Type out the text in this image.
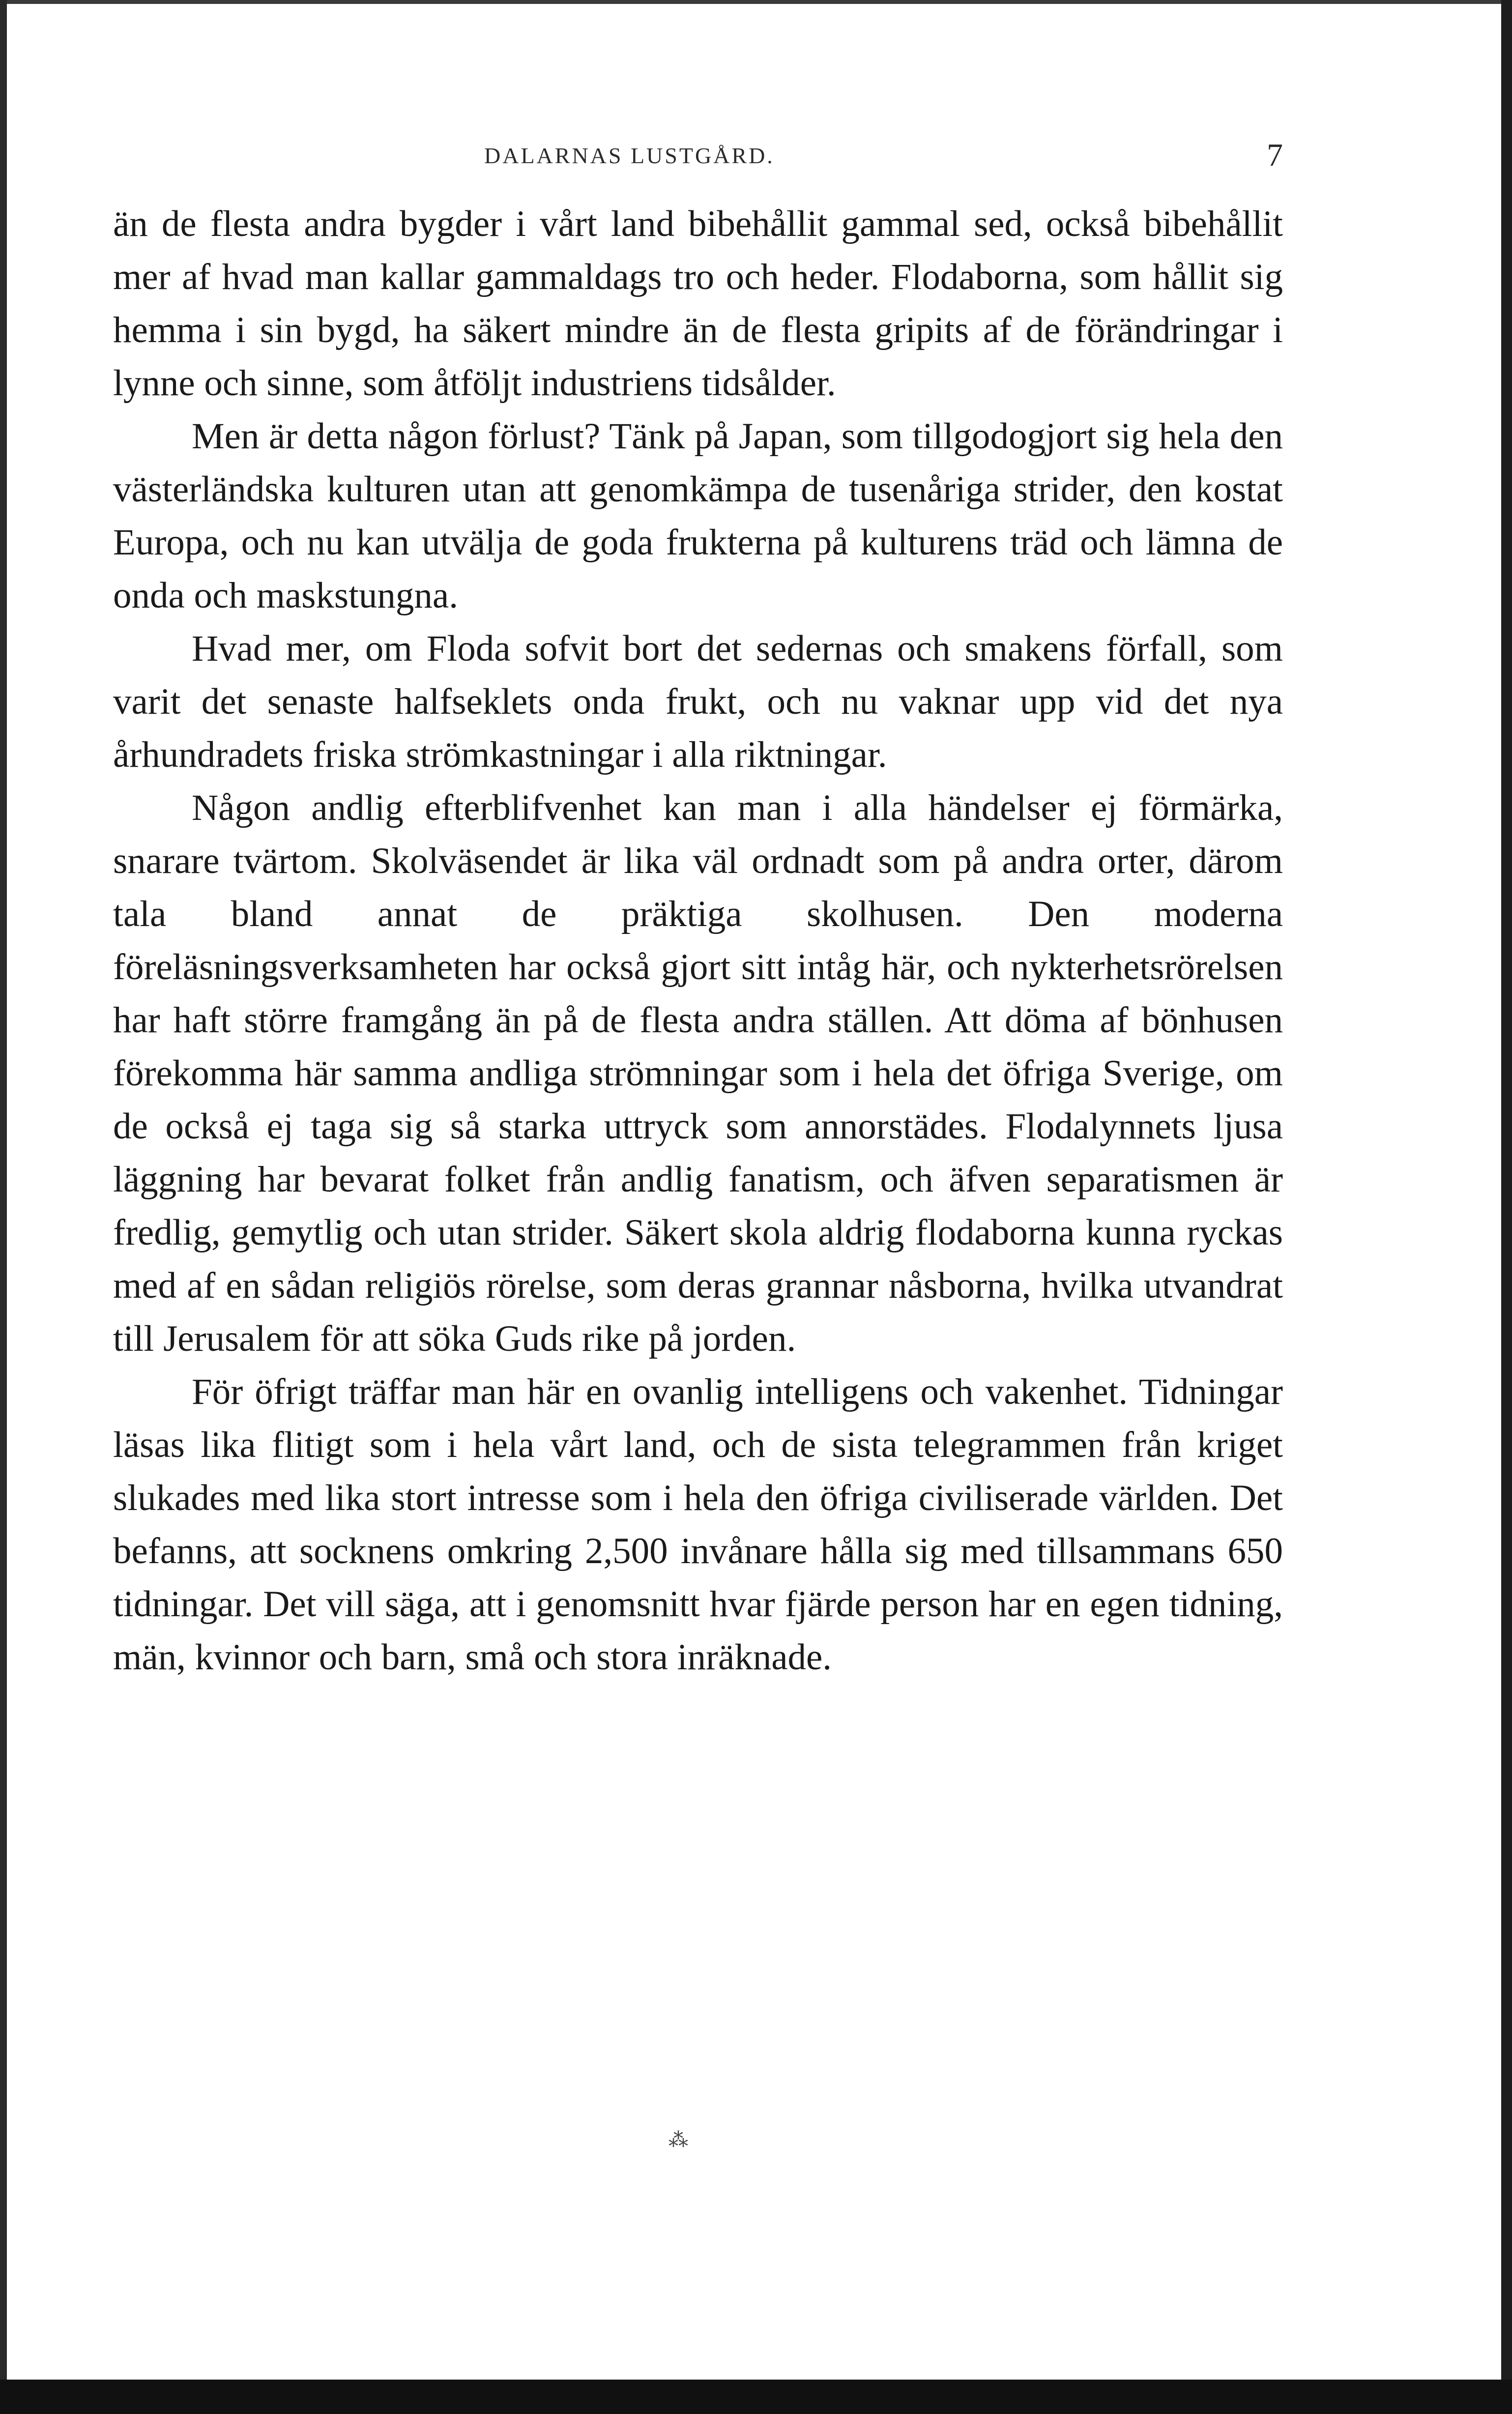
DALARNAS LUSTGÅRD.	7

än de flesta andra bygder i vårt land bibehållit gammal sed, också bibehållit mer af hvad man kallar gammaldags tro och heder. Flodaborna, som hållit sig hemma i sin bygd, ha säkert mindre än de flesta gripits af de förändringar i lynne och sinne, som åtföljt industriens tidsålder.

Men är detta någon förlust? Tänk på Japan, som tillgodogjort sig hela den västerländska kulturen utan att genomkämpa de tusenåriga strider, den kostat Europa, och nu kan utvälja de goda frukterna på kulturens träd och lämna de onda och maskstungna.

Hvad mer, om Floda sofvit bort det sedernas och smakens förfall, som varit det senaste halfseklets onda frukt, och nu vaknar upp vid det nya århundradets friska strömkastningar i alla riktningar.

Någon andlig efterblifvenhet kan man i alla händelser ej förmärka, snarare tvärtom. Skolväsendet är lika väl ordnadt som på andra orter, därom tala bland annat de präktiga skolhusen. Den moderna föreläsningsverksamheten har också gjort sitt intåg här, och nykterhetsrörelsen har haft större framgång än på de flesta andra ställen. Att döma af bönhusen förekomma här samma andliga strömningar som i hela det öfriga Sverige, om de också ej taga sig så starka uttryck som annorstädes. Flodalynnets ljusa läggning har bevarat folket från andlig fanatism, och äfven separatismen är fredlig, gemytlig och utan strider. Säkert skola aldrig flodaborna kunna ryckas med af en sådan religiös rörelse, som deras grannar nåsborna, hvilka utvandrat till Jerusalem för att söka Guds rike på jorden.

För öfrigt träffar man här en ovanlig intelligens och vakenhet. Tidningar läsas lika flitigt som i hela vårt land, och de sista telegrammen från kriget slukades med lika stort intresse som i hela den öfriga civiliserade världen. Det befanns, att socknens omkring 2,500 invånare hålla sig med tillsammans 650 tidningar. Det vill säga, att i genomsnitt hvar fjärde person har en egen tidning, män, kvinnor och barn, små och stora inräknade.

⁂
